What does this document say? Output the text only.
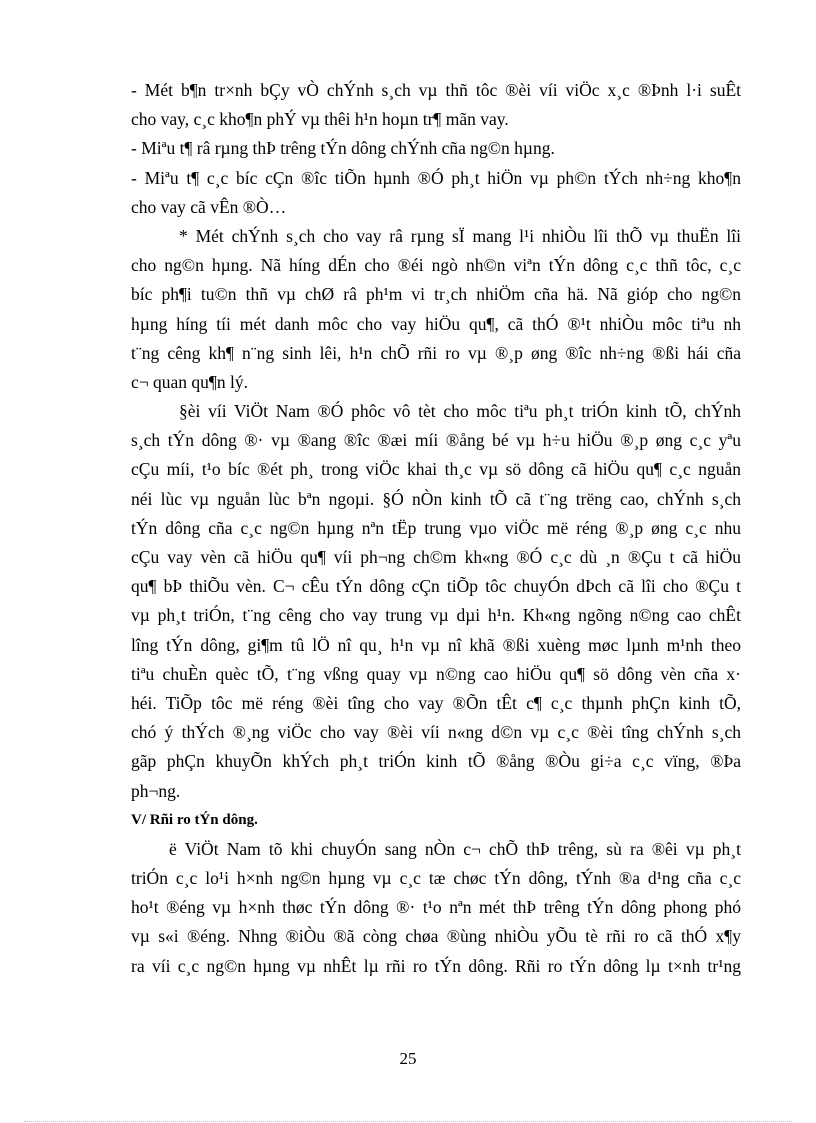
- Mét b¶n tr×nh bÇy vÒ chÝnh s¸ch vµ thñ tôc ®èi víi viÖc x¸c ®Þnh l·i suÊt
cho vay, c¸c kho¶n phÝ vµ thêi h¹n hoµn tr¶ mãn vay.
- Miªu t¶ râ rµng thÞ trêng tÝn dông chÝnh cña ng©n hµng.
- Miªu t¶ c¸c bíc cÇn ®îc tiÕn hµnh ®Ó ph¸t hiÖn vµ ph©n tÝch nh÷ng kho¶n
cho vay cã vÊn ®Ò…
* Mét chÝnh s¸ch cho vay râ rµng sÏ mang l¹i nhiÒu lîi thÕ vµ thuËn lîi
cho ng©n hµng. Nã híng dÉn cho ®éi ngò nh©n viªn tÝn dông c¸c thñ tôc, c¸c
bíc ph¶i tu©n thñ vµ chØ râ ph¹m vi tr¸ch nhiÖm cña hä. Nã gióp cho ng©n
hµng híng tíi mét danh môc cho vay hiÖu qu¶, cã thÓ ®¹t nhiÒu môc tiªu nh
t¨ng cêng kh¶ n¨ng sinh lêi, h¹n chÕ rñi ro vµ ®¸p øng ®îc nh÷ng ®ßi hái cña
c¬ quan qu¶n lý.
§èi víi ViÖt Nam ®Ó phôc vô tèt cho môc tiªu ph¸t triÓn kinh tÕ, chÝnh
s¸ch tÝn dông ®· vµ ®ang ®îc ®æi míi ®ång bé vµ h÷u hiÖu ®¸p øng c¸c yªu
cÇu míi, t¹o bíc ®ét ph¸ trong viÖc khai th¸c vµ sö dông cã hiÖu qu¶ c¸c nguån
néi lùc vµ nguån lùc bªn ngoµi. §Ó nÒn kinh tÕ cã t¨ng trëng cao, chÝnh s¸ch
tÝn dông cña c¸c ng©n hµng nªn tËp trung vµo viÖc më réng ®¸p øng c¸c nhu
cÇu vay vèn cã hiÖu qu¶ víi ph¬ng ch©m kh«ng ®Ó c¸c dù ¸n ®Çu t cã hiÖu
qu¶ bÞ thiÕu vèn. C¬ cÊu tÝn dông cÇn tiÕp tôc chuyÓn dÞch cã lîi cho ®Çu t
vµ ph¸t triÓn, t¨ng cêng cho vay trung vµ dµi h¹n. Kh«ng ngõng n©ng cao chÊt
lîng tÝn dông, gi¶m tû lÖ nî qu¸ h¹n vµ nî khã ®ßi xuèng møc lµnh m¹nh theo
tiªu chuÈn quèc tÕ, t¨ng vßng quay vµ n©ng cao hiÖu qu¶ sö dông vèn cña x·
héi. TiÕp tôc më réng ®èi tîng cho vay ®Õn tÊt c¶ c¸c thµnh phÇn kinh tÕ,
chó ý thÝch ®¸ng viÖc cho vay ®èi víi n«ng d©n vµ c¸c ®èi tîng chÝnh s¸ch
gãp phÇn khuyÕn khÝch ph¸t triÓn kinh tÕ ®ång ®Òu gi÷a c¸c vïng, ®Þa
ph¬ng.
V/ Rñi ro tÝn dông.
ë ViÖt Nam tõ khi chuyÓn sang nÒn c¬ chÕ thÞ trêng, sù ra ®êi vµ ph¸t
triÓn c¸c lo¹i h×nh ng©n hµng vµ c¸c tæ chøc tÝn dông, tÝnh ®a d¹ng cña c¸c
ho¹t ®éng vµ h×nh thøc tÝn dông ®· t¹o nªn mét thÞ trêng tÝn dông phong phó
vµ s«i ®éng. Nhng ®iÒu ®ã còng chøa ®ùng nhiÒu yÕu tè rñi ro cã thÓ x¶y
ra víi c¸c ng©n hµng vµ nhÊt lµ rñi ro tÝn dông. Rñi ro tÝn dông lµ t×nh tr¹ng
25
